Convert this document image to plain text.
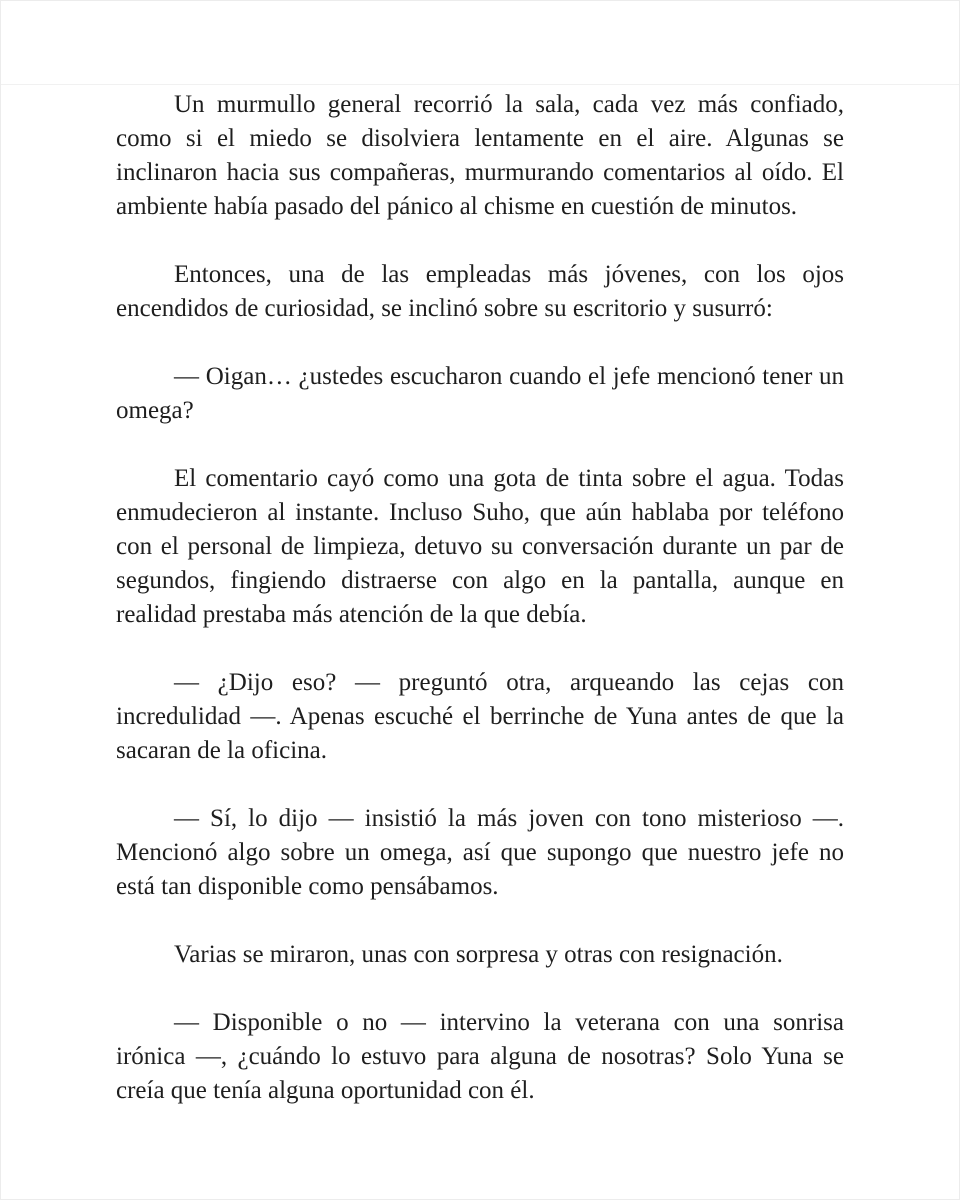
Un murmullo general recorrió la sala, cada vez más confiado, como si el miedo se disolviera lentamente en el aire. Algunas se inclinaron hacia sus compañeras, murmurando comentarios al oído. El ambiente había pasado del pánico al chisme en cuestión de minutos.

Entonces, una de las empleadas más jóvenes, con los ojos encendidos de curiosidad, se inclinó sobre su escritorio y susurró:

— Oigan… ¿ustedes escucharon cuando el jefe mencionó tener un omega?

El comentario cayó como una gota de tinta sobre el agua. Todas enmudecieron al instante. Incluso Suho, que aún hablaba por teléfono con el personal de limpieza, detuvo su conversación durante un par de segundos, fingiendo distraerse con algo en la pantalla, aunque en realidad prestaba más atención de la que debía.

— ¿Dijo eso? — preguntó otra, arqueando las cejas con incredulidad —. Apenas escuché el berrinche de Yuna antes de que la sacaran de la oficina.

— Sí, lo dijo — insistió la más joven con tono misterioso —. Mencionó algo sobre un omega, así que supongo que nuestro jefe no está tan disponible como pensábamos.

Varias se miraron, unas con sorpresa y otras con resignación.

— Disponible o no — intervino la veterana con una sonrisa irónica —, ¿cuándo lo estuvo para alguna de nosotras? Solo Yuna se creía que tenía alguna oportunidad con él.
